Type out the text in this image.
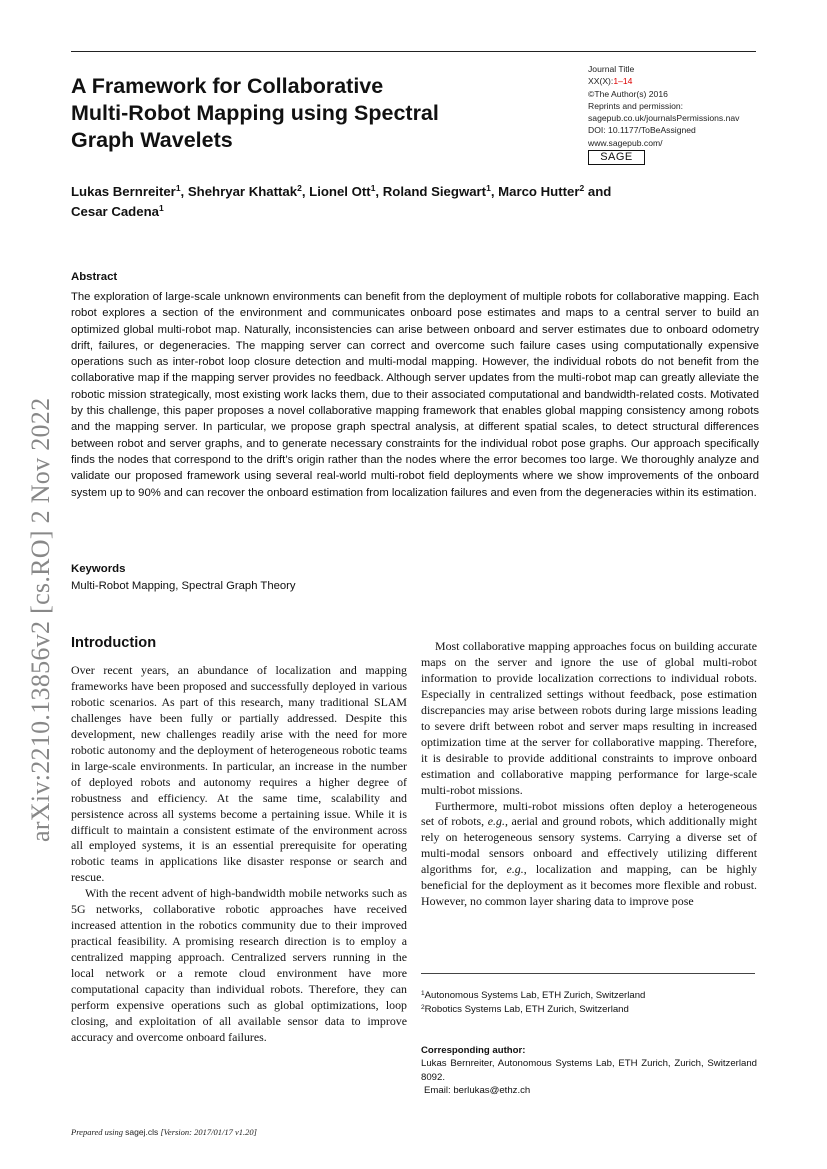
A Framework for Collaborative
Multi-Robot Mapping using Spectral
Graph Wavelets
Journal Title
XX(X):1–14
©The Author(s) 2016
Reprints and permission:
sagepub.co.uk/journalsPermissions.nav
DOI: 10.1177/ToBeAssigned
www.sagepub.com/
SAGE
Lukas Bernreiter$^1$, Shehryar Khattak$^2$, Lionel Ott$^1$, Roland Siegwart$^1$, Marco Hutter$^2$ and
Cesar Cadena$^1$
Abstract

The exploration of large-scale unknown environments can benefit from the deployment of multiple robots for collaborative mapping. Each robot explores a section of the environment and communicates onboard pose estimates and maps to a central server to build an optimized global multi-robot map. Naturally, inconsistencies can arise between onboard and server estimates due to onboard odometry drift, failures, or degeneracies. The mapping server can correct and overcome such failure cases using computationally expensive operations such as inter-robot loop closure detection and multi-modal mapping. However, the individual robots do not benefit from the collaborative map if the mapping server provides no feedback. Although server updates from the multi-robot map can greatly alleviate the robotic mission strategically, most existing work lacks them, due to their associated computational and bandwidth-related costs. Motivated by this challenge, this paper proposes a novel collaborative mapping framework that enables global mapping consistency among robots and the mapping server. In particular, we propose graph spectral analysis, at different spatial scales, to detect structural differences between robot and server graphs, and to generate necessary constraints for the individual robot pose graphs. Our approach specifically finds the nodes that correspond to the drift’s origin rather than the nodes where the error becomes too large. We thoroughly analyze and validate our proposed framework using several real-world multi-robot field deployments where we show improvements of the onboard system up to 90% and can recover the onboard estimation from localization failures and even from the degeneracies within its estimation.

Keywords
Multi-Robot Mapping, Spectral Graph Theory
Introduction

Over recent years, an abundance of localization and mapping frameworks have been proposed and successfully deployed in various robotic scenarios. As part of this research, many traditional SLAM challenges have been fully or partially addressed. Despite this development, new challenges readily arise with the need for more robotic autonomy and the deployment of heterogeneous robotic teams in large-scale environments. In particular, an increase in the number of deployed robots and autonomy requires a higher degree of robustness and efficiency. At the same time, scalability and persistence across all systems become a pertaining issue. While it is difficult to maintain a consistent estimate of the environment across all employed systems, it is an essential prerequisite for operating robotic teams in applications like disaster response or search and rescue.

With the recent advent of high-bandwidth mobile networks such as 5G networks, collaborative robotic approaches have received increased attention in the robotics community due to their improved practical feasibility. A promising research direction is to employ a centralized mapping approach. Centralized servers running in the local network or a remote cloud environment have more computational capacity than individual robots. Therefore, they can perform expensive operations such as global optimizations, loop closing, and exploitation of all available sensor data to improve accuracy and overcome onboard failures.

Most collaborative mapping approaches focus on building accurate maps on the server and ignore the use of global multi-robot information to provide localization corrections to individual robots. Especially in centralized settings without feedback, pose estimation discrepancies may arise between robots during large missions leading to severe drift between robot and server maps resulting in increased optimization time at the server for collaborative mapping. Therefore, it is desirable to provide additional constraints to improve onboard estimation and collaborative mapping performance for large-scale multi-robot missions.

Furthermore, multi-robot missions often deploy a heterogeneous set of robots, e.g., aerial and ground robots, which additionally might rely on heterogeneous sensory systems. Carrying a diverse set of multi-modal sensors onboard and effectively utilizing different algorithms for, e.g., localization and mapping, can be highly beneficial for the deployment as it becomes more flexible and robust. However, no common layer sharing data to improve pose

$^1$Autonomous Systems Lab, ETH Zurich, Switzerland
$^2$Robotics Systems Lab, ETH Zurich, Switzerland
Corresponding author:
Lukas Bernreiter, Autonomous Systems Lab, ETH Zurich, Zurich, Switzerland 8092.
Email: berlukas@ethz.ch
Prepared using sagej.cls [Version: 2017/01/17 v1.20]
arXiv:2210.13856v2 [cs.RO] 2 Nov 2022
